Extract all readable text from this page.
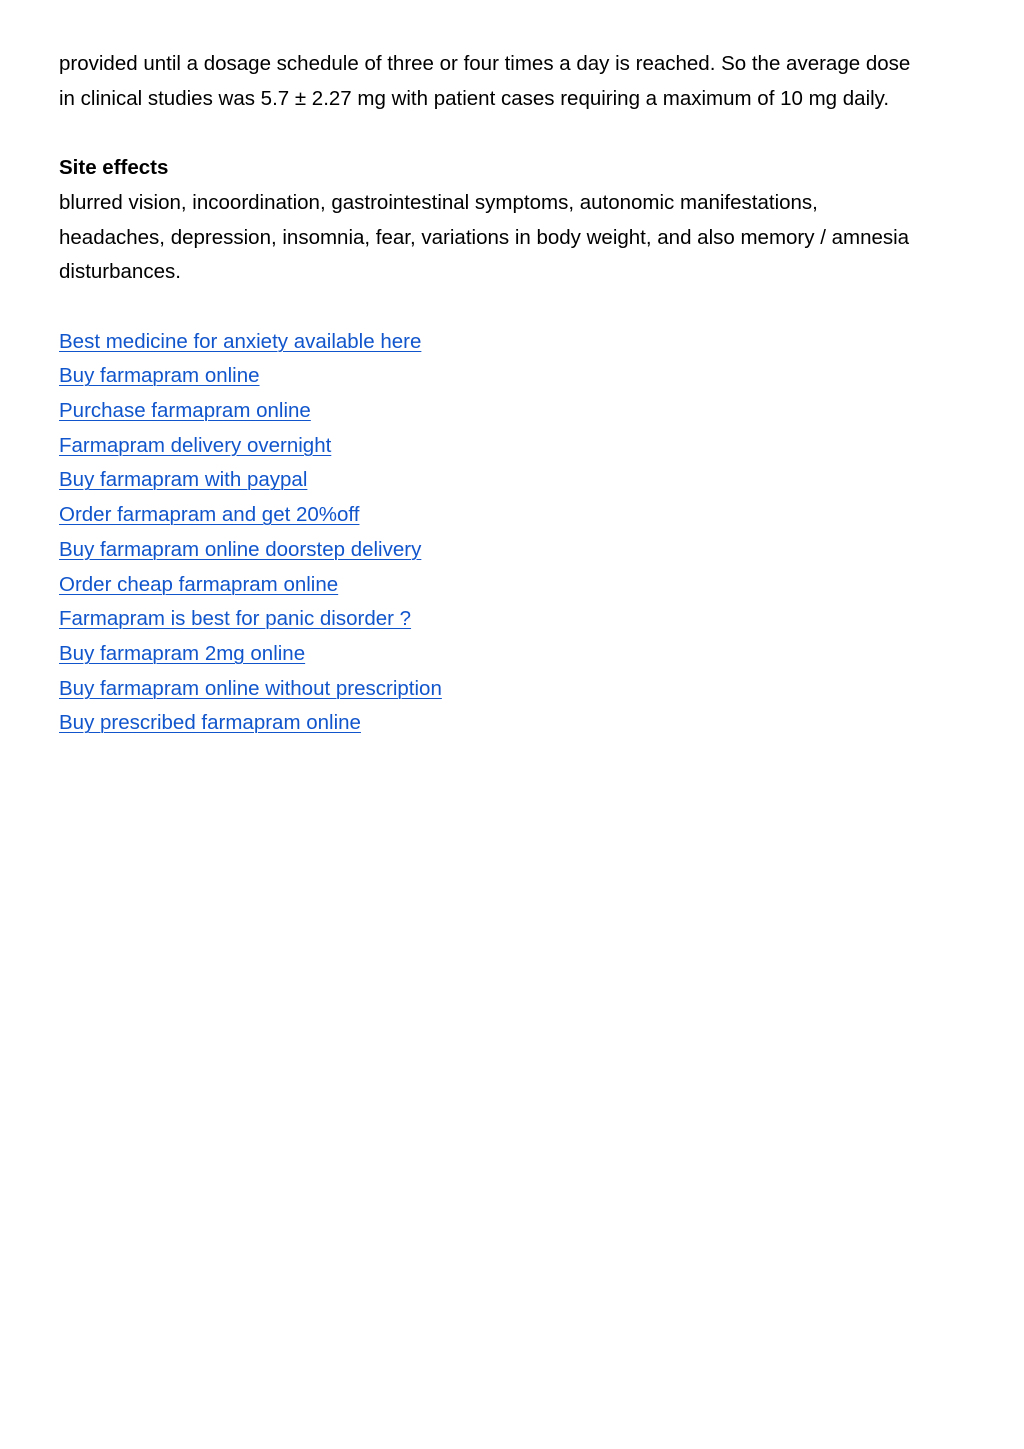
provided until a dosage schedule of three or four times a day is reached. So the average dose

in clinical studies was 5.7 ± 2.27 mg with patient cases requiring a maximum of 10 mg daily.

Site effects

blurred vision, incoordination, gastrointestinal symptoms, autonomic manifestations,

headaches, depression, insomnia, fear, variations in body weight, and also memory / amnesia

disturbances.

Best medicine for anxiety available here
Buy farmapram online
Purchase farmapram online
Farmapram delivery overnight
Buy farmapram with paypal
Order farmapram and get 20%off
Buy farmapram online doorstep delivery
Order cheap farmapram online
Farmapram is best for panic disorder ?
Buy farmapram 2mg online
Buy farmapram online without prescription
Buy prescribed farmapram online
